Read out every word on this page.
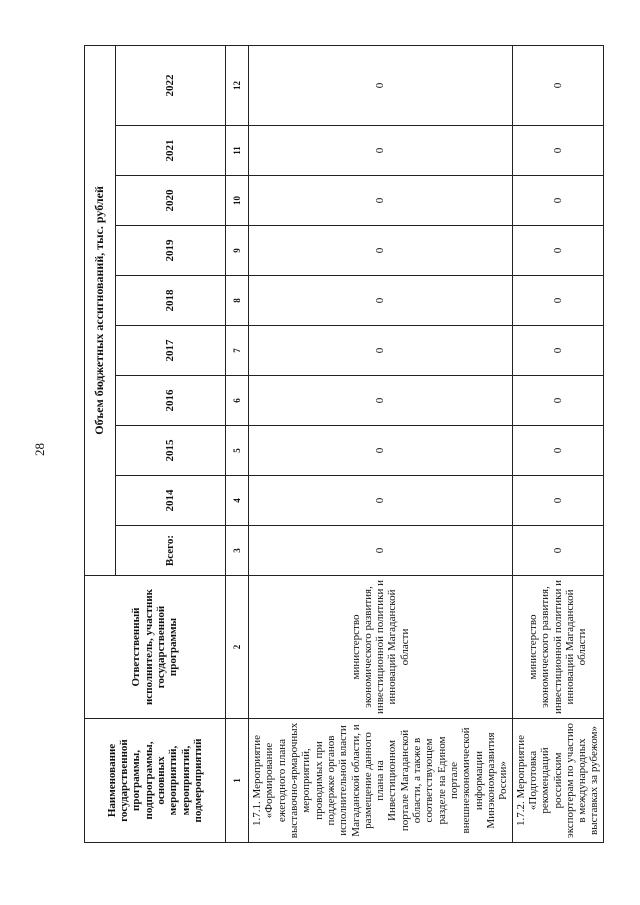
28
Наименование государственной программы, подпрограммы, основных мероприятий, мероприятий, подмероприятий	Ответственный исполнитель, участник государственной программы	Объем бюджетных ассигнований, тыс. рублей									
		Всего:	2014	2015	2016	2017	2018	2019	2020	2021	2022
1	2	3	4	5	6	7	8	9	10	11	12
1.7.1. Мероприятие «Формирование ежегодного плана выставочно-ярмарочных мероприятий, проводимых при поддержке органов исполнительной власти Магаданской области, и размещение данного плана на Инвестиционном портале Магаданской области, а также в соответствующем разделе на Едином портале внешнеэкономической информации Минэкономразвития России»	министерство экономического развития, инвестиционной политики и инноваций Магаданской области	0	0	0	0	0	0	0	0	0	0
1.7.2. Мероприятие «Подготовка рекомендаций российским экспортерам по участию в международных выставках за рубежом»	министерство экономического развития, инвестиционной политики и инноваций Магаданской области	0	0	0	0	0	0	0	0	0	0
